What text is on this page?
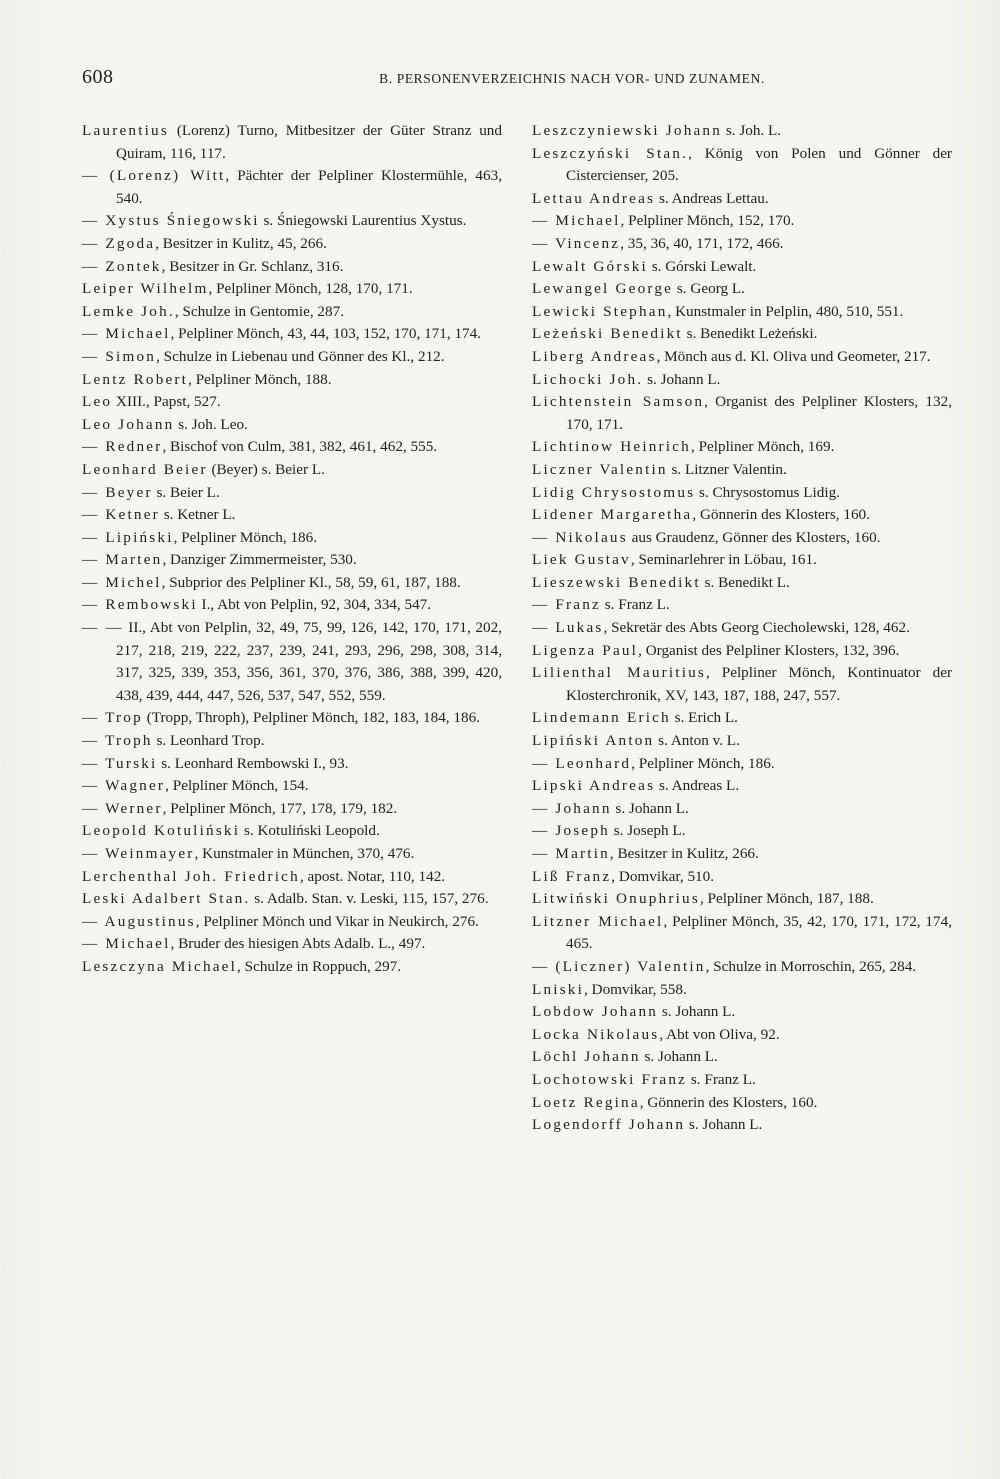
608	B. PERSONENVERZEICHNIS NACH VOR- UND ZUNAMEN.

Laurentius (Lorenz) Turno, Mitbesitzer der Güter Stranz und Quiram, 116, 117.

— (Lorenz) Witt, Pächter der Pelpliner Klostermühle, 463, 540.

— Xystus Śniegowski s. Śniegowski Laurentius Xystus.

— Zgoda, Besitzer in Kulitz, 45, 266.

— Zontek, Besitzer in Gr. Schlanz, 316.

Leiper Wilhelm, Pelpliner Mönch, 128, 170, 171.

Lemke Joh., Schulze in Gentomie, 287.

— Michael, Pelpliner Mönch, 43, 44, 103, 152, 170, 171, 174.

— Simon, Schulze in Liebenau und Gönner des Kl., 212.

Lentz Robert, Pelpliner Mönch, 188.

Leo XIII., Papst, 527.

Leo Johann s. Joh. Leo.

— Redner, Bischof von Culm, 381, 382, 461, 462, 555.

Leonhard Beier (Beyer) s. Beier L.

— Beyer s. Beier L.

— Ketner s. Ketner L.

— Lipiński, Pelpliner Mönch, 186.

— Marten, Danziger Zimmermeister, 530.

— Michel, Subprior des Pelpliner Kl., 58, 59, 61, 187, 188.

— Rembowski I., Abt von Pelplin, 92, 304, 334, 547.

— — II., Abt von Pelplin, 32, 49, 75, 99, 126, 142, 170, 171, 202, 217, 218, 219, 222, 237, 239, 241, 293, 296, 298, 308, 314, 317, 325, 339, 353, 356, 361, 370, 376, 386, 388, 399, 420, 438, 439, 444, 447, 526, 537, 547, 552, 559.

— Trop (Tropp, Throph), Pelpliner Mönch, 182, 183, 184, 186.

— Troph s. Leonhard Trop.

— Turski s. Leonhard Rembowski I., 93.

— Wagner, Pelpliner Mönch, 154.

— Werner, Pelpliner Mönch, 177, 178, 179, 182.

Leopold Kotuliński s. Kotuliński Leopold.

— Weinmayer, Kunstmaler in München, 370, 476.

Lerchenthal Joh. Friedrich, apost. Notar, 110, 142.

Leski Adalbert Stan. s. Adalb. Stan. v. Leski, 115, 157, 276.

— Augustinus, Pelpliner Mönch und Vikar in Neukirch, 276.

— Michael, Bruder des hiesigen Abts Adalb. L., 497.

Leszczyna Michael, Schulze in Roppuch, 297.

Leszczyniewski Johann s. Joh. L.

Leszczyński Stan., König von Polen und Gönner der Cistercienser, 205.

Lettau Andreas s. Andreas Lettau.

— Michael, Pelpliner Mönch, 152, 170.

— Vincenz, 35, 36, 40, 171, 172, 466.

Lewalt Górski s. Górski Lewalt.

Lewangel George s. Georg L.

Lewicki Stephan, Kunstmaler in Pelplin, 480, 510, 551.

Leżeński Benedikt s. Benedikt Leżeński.

Liberg Andreas, Mönch aus d. Kl. Oliva und Geometer, 217.

Lichocki Joh. s. Johann L.

Lichtenstein Samson, Organist des Pelpliner Klosters, 132, 170, 171.

Lichtinow Heinrich, Pelpliner Mönch, 169.

Liczner Valentin s. Litzner Valentin.

Lidig Chrysostomus s. Chrysostomus Lidig.

Lidener Margaretha, Gönnerin des Klosters, 160.

— Nikolaus aus Graudenz, Gönner des Klosters, 160.

Liek Gustav, Seminarlehrer in Löbau, 161.

Lieszewski Benedikt s. Benedikt L.

— Franz s. Franz L.

— Lukas, Sekretär des Abts Georg Ciecholewski, 128, 462.

Ligenza Paul, Organist des Pelpliner Klosters, 132, 396.

Lilienthal Mauritius, Pelpliner Mönch, Kontinuator der Klosterchronik, XV, 143, 187, 188, 247, 557.

Lindemann Erich s. Erich L.

Lipiński Anton s. Anton v. L.

— Leonhard, Pelpliner Mönch, 186.

Lipski Andreas s. Andreas L.

— Johann s. Johann L.

— Joseph s. Joseph L.

— Martin, Besitzer in Kulitz, 266.

Liß Franz, Domvikar, 510.

Litwiński Onuphrius, Pelpliner Mönch, 187, 188.

Litzner Michael, Pelpliner Mönch, 35, 42, 170, 171, 172, 174, 465.

— (Liczner) Valentin, Schulze in Morroschin, 265, 284.

Lniski, Domvikar, 558.

Lobdow Johann s. Johann L.

Locka Nikolaus, Abt von Oliva, 92.

Löchl Johann s. Johann L.

Lochotowski Franz s. Franz L.

Loetz Regina, Gönnerin des Klosters, 160.

Logendorff Johann s. Johann L.
